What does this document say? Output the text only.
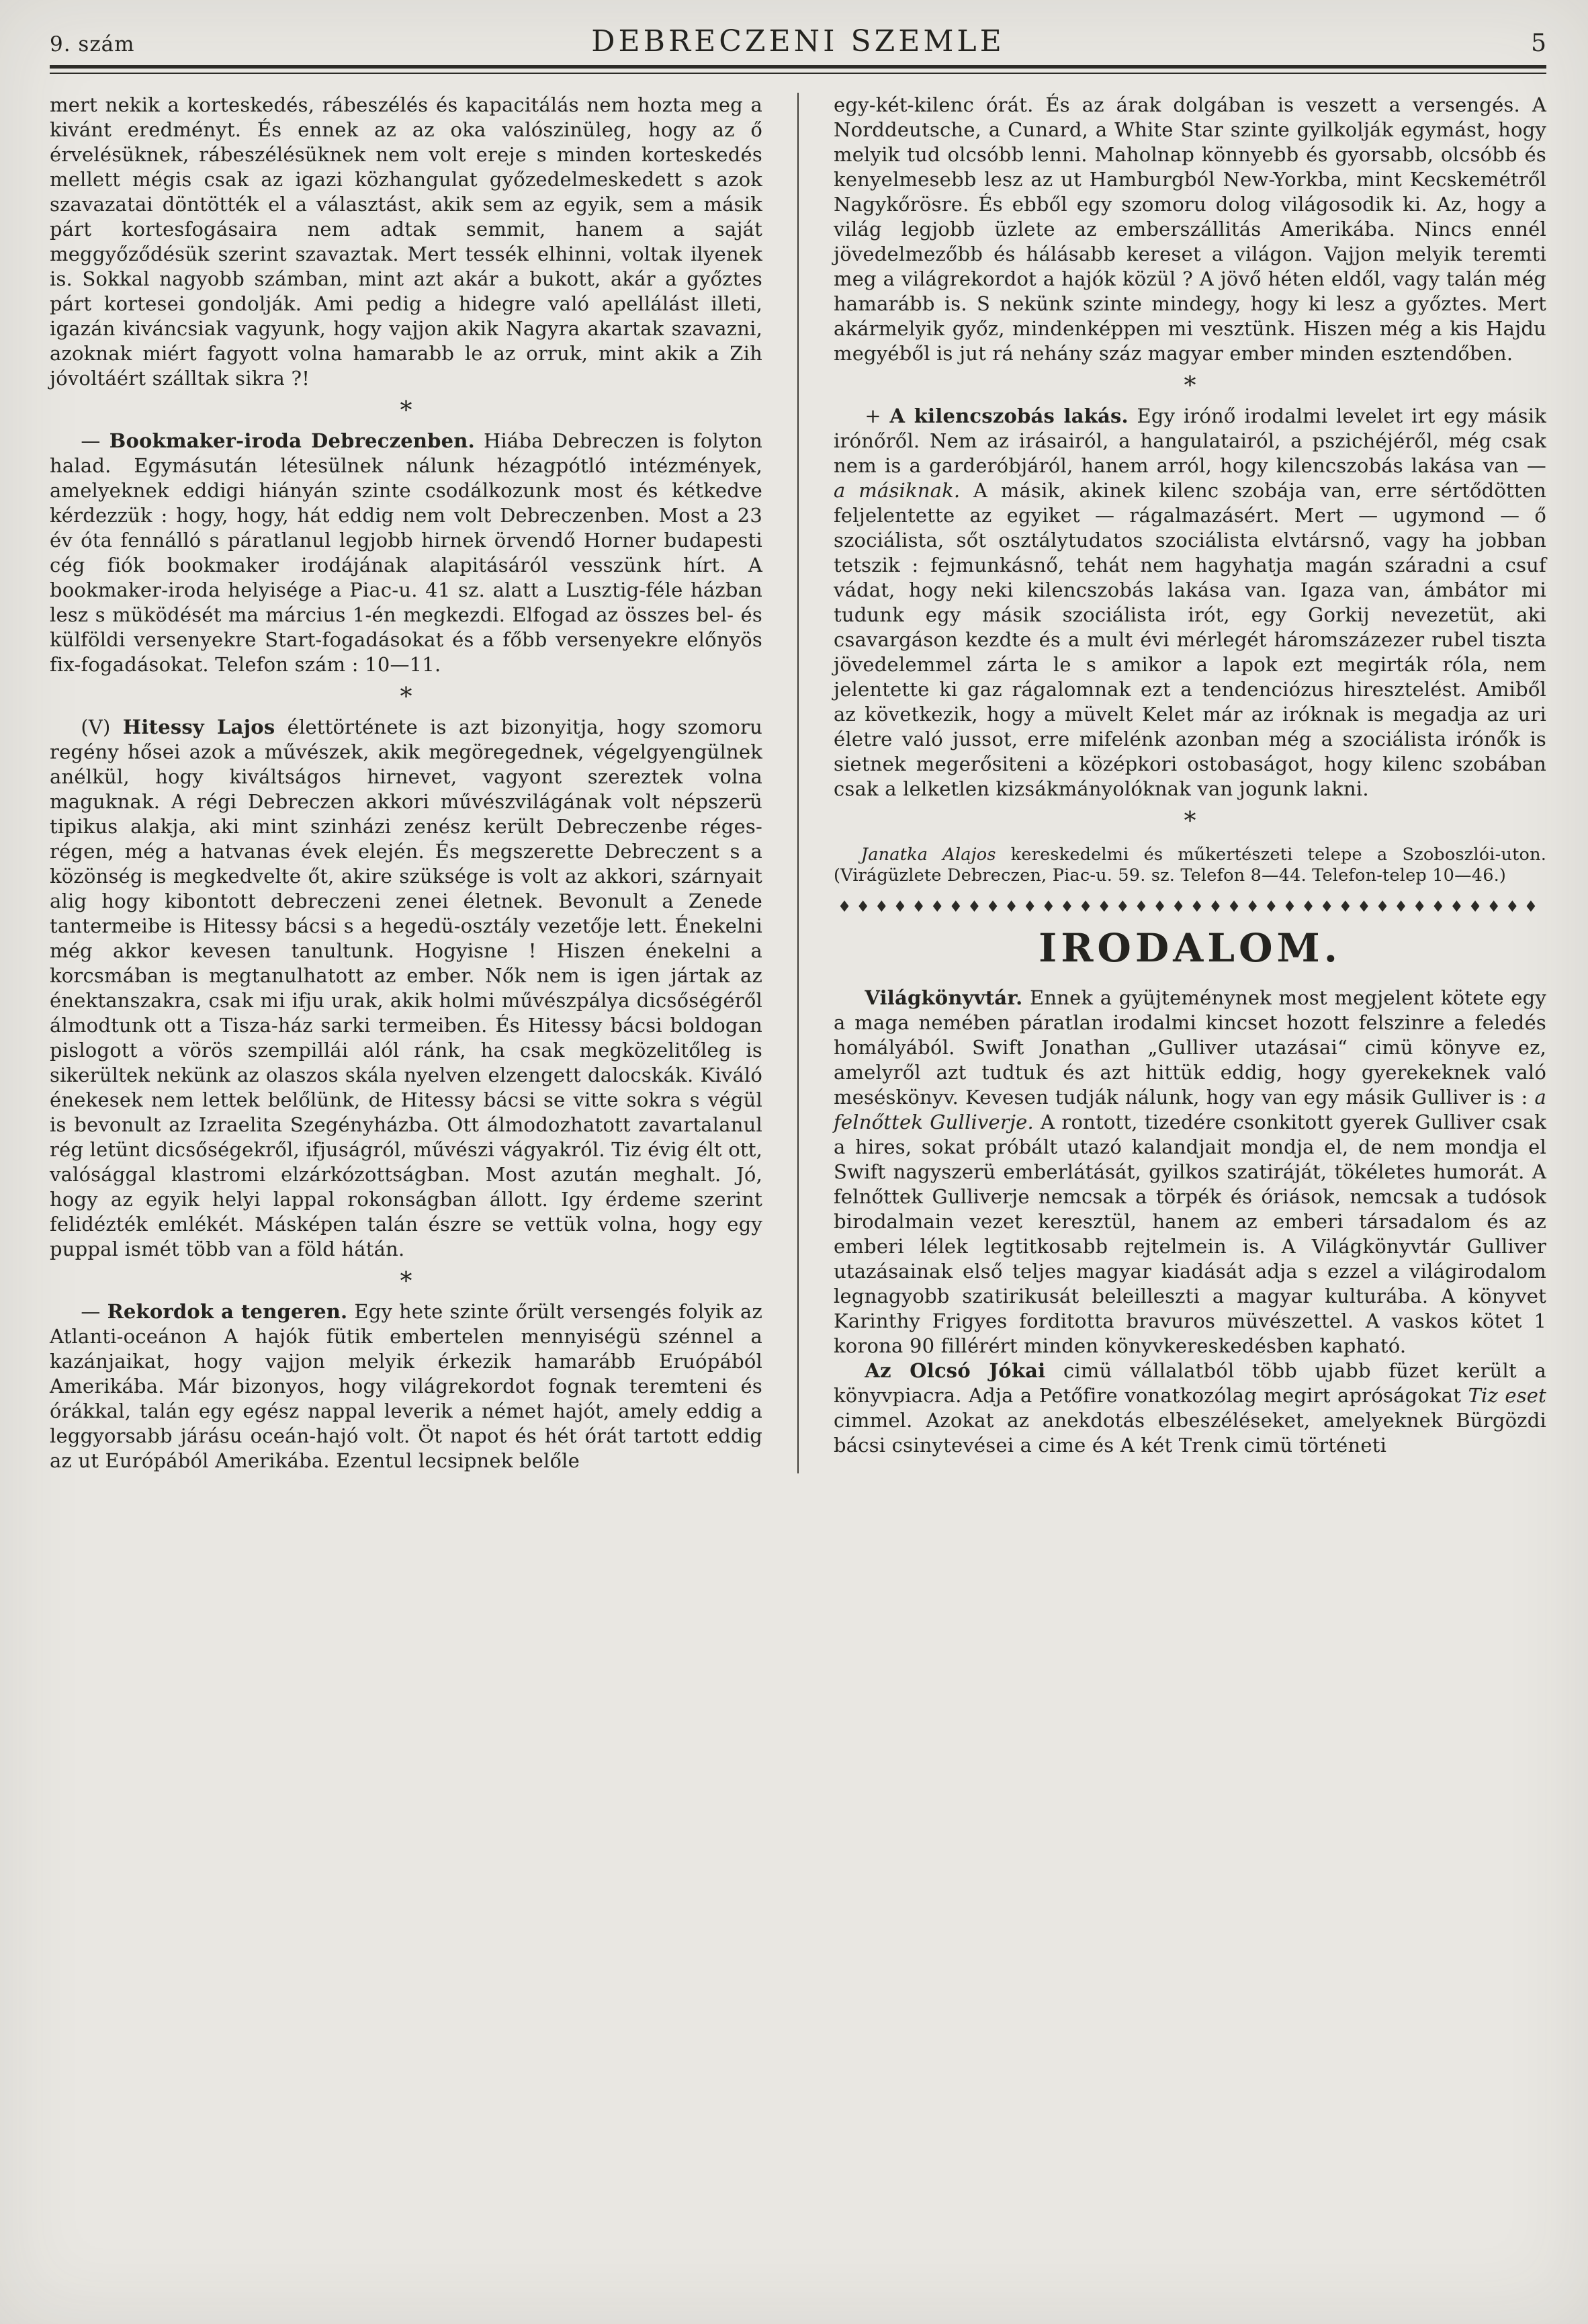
9. szám	DEBRECZENI SZEMLE	5

mert nekik a korteskedés, rábeszélés és kapacitálás nem hozta meg a kivánt eredményt. És ennek az az oka valószinüleg, hogy az ő érvelésüknek, rábeszélésüknek nem volt ereje s minden korteskedés mellett mégis csak az igazi közhangulat győzedelmeskedett s azok szavazatai döntötték el a választást, akik sem az egyik, sem a másik párt kortesfogásaira nem adtak semmit, hanem a saját meggyőződésük szerint szavaztak. Mert tessék elhinni, voltak ilyenek is. Sokkal nagyobb számban, mint azt akár a bukott, akár a győztes párt kortesei gondolják. Ami pedig a hidegre való apellálást illeti, igazán kiváncsiak vagyunk, hogy vajjon akik Nagyra akartak szavazni, azoknak miért fagyott volna hamarabb le az orruk, mint akik a Zih jóvoltáért szálltak sikra ?!

*

— Bookmaker-iroda Debreczenben. Hiába Debreczen is folyton halad. Egymásután létesülnek nálunk hézagpótló intézmények, amelyeknek eddigi hiányán szinte csodálkozunk most és kétkedve kérdezzük : hogy, hogy, hát eddig nem volt Debreczenben. Most a 23 év óta fennálló s páratlanul legjobb hirnek örvendő Horner budapesti cég fiók bookmaker irodájának alapitásáról vesszünk hírt. A bookmaker-iroda helyisége a Piac-u. 41 sz. alatt a Lusztig-féle házban lesz s müködését ma március 1-én megkezdi. Elfogad az összes bel- és külföldi versenyekre Start-fogadásokat és a főbb versenyekre előnyös fix-fogadásokat. Telefon szám : 10—11.

*

(V) Hitessy Lajos élettörténete is azt bizonyitja, hogy szomoru regény hősei azok a művészek, akik megöregednek, végelgyengülnek anélkül, hogy kiváltságos hirnevet, vagyont szereztek volna maguknak. A régi Debreczen akkori művészvilágának volt népszerü tipikus alakja, aki mint szinházi zenész került Debreczenbe réges-régen, még a hatvanas évek elején. És megszerette Debreczent s a közönség is megkedvelte őt, akire szüksége is volt az akkori, szárnyait alig hogy kibontott debreczeni zenei életnek. Bevonult a Zenede tantermeibe is Hitessy bácsi s a hegedü-osztály vezetője lett. Énekelni még akkor kevesen tanultunk. Hogyisne ! Hiszen énekelni a korcsmában is megtanulhatott az ember. Nők nem is igen jártak az énektanszakra, csak mi ifju urak, akik holmi művészpálya dicsőségéről álmodtunk ott a Tisza-ház sarki termeiben. És Hitessy bácsi boldogan pislogott a vörös szempillái alól ránk, ha csak megközelitőleg is sikerültek nekünk az olaszos skála nyelven elzengett dalocskák. Kiváló énekesek nem lettek belőlünk, de Hitessy bácsi se vitte sokra s végül is bevonult az Izraelita Szegényházba. Ott álmodozhatott zavartalanul rég letünt dicsőségekről, ifjuságról, művészi vágyakról. Tiz évig élt ott, valósággal klastromi elzárkózottságban. Most azután meghalt. Jó, hogy az egyik helyi lappal rokonságban állott. Igy érdeme szerint felidézték emlékét. Másképen talán észre se vettük volna, hogy egy puppal ismét több van a föld hátán.

*

— Rekordok a tengeren. Egy hete szinte őrült versengés folyik az Atlanti-oceánon A hajók fütik embertelen mennyiségü szénnel a kazánjaikat, hogy vajjon melyik érkezik hamarább Eruópából Amerikába. Már bizonyos, hogy világrekordot fognak teremteni és órákkal, talán egy egész nappal leverik a német hajót, amely eddig a leggyorsabb járásu oceán-hajó volt. Öt napot és hét órát tartott eddig az ut Európából Amerikába. Ezentul lecsipnek belőle

egy-két-kilenc órát. És az árak dolgában is veszett a versengés. A Norddeutsche, a Cunard, a White Star szinte gyilkolják egymást, hogy melyik tud olcsóbb lenni. Maholnap könnyebb és gyorsabb, olcsóbb és kenyelmesebb lesz az ut Hamburgból New-Yorkba, mint Kecskemétről Nagykőrösre. És ebből egy szomoru dolog világosodik ki. Az, hogy a világ legjobb üzlete az emberszállitás Amerikába. Nincs ennél jövedelmezőbb és hálásabb kereset a világon. Vajjon melyik teremti meg a világrekordot a hajók közül ? A jövő héten eldől, vagy talán még hamarább is. S nekünk szinte mindegy, hogy ki lesz a győztes. Mert akármelyik győz, mindenképpen mi vesztünk. Hiszen még a kis Hajdu megyéből is jut rá nehány száz magyar ember minden esztendőben.

*

+ A kilencszobás lakás. Egy irónő irodalmi levelet irt egy másik irónőről. Nem az irásairól, a hangulatairól, a pszichéjéről, még csak nem is a garderóbjáról, hanem arról, hogy kilencszobás lakása van — a másiknak. A másik, akinek kilenc szobája van, erre sértődötten feljelentette az egyiket — rágalmazásért. Mert — ugymond — ő szociálista, sőt osztálytudatos szociálista elvtársnő, vagy ha jobban tetszik : fejmunkásnő, tehát nem hagyhatja magán száradni a csuf vádat, hogy neki kilencszobás lakása van. Igaza van, ámbátor mi tudunk egy másik szociálista irót, egy Gorkij nevezetüt, aki csavargáson kezdte és a mult évi mérlegét háromszázezer rubel tiszta jövedelemmel zárta le s amikor a lapok ezt megirták róla, nem jelentette ki gaz rágalomnak ezt a tendenciózus hiresztelést. Amiből az következik, hogy a müvelt Kelet már az iróknak is megadja az uri életre való jussot, erre mifelénk azonban még a szociálista irónők is sietnek megerősiteni a középkori ostobaságot, hogy kilenc szobában csak a lelketlen kizsákmányolóknak van jogunk lakni.

*

Janatka Alajos kereskedelmi és műkertészeti telepe a Szoboszlói-uton. (Virágüzlete Debreczen, Piac-u. 59. sz. Telefon 8—44. Telefon-telep 10—46.)

♦♦♦♦♦♦♦♦♦♦♦♦♦♦♦♦♦♦♦♦♦♦♦♦♦♦♦♦♦♦♦♦♦♦♦♦♦♦
IRODALOM.

Világkönyvtár. Ennek a gyüjteménynek most megjelent kötete egy a maga nemében páratlan irodalmi kincset hozott felszinre a feledés homályából. Swift Jonathan „Gulliver utazásai“ cimü könyve ez, amelyről azt tudtuk és azt hittük eddig, hogy gyerekeknek való meséskönyv. Kevesen tudják nálunk, hogy van egy másik Gulliver is : a felnőttek Gulliverje. A rontott, tizedére csonkitott gyerek Gulliver csak a hires, sokat próbált utazó kalandjait mondja el, de nem mondja el Swift nagyszerü emberlátását, gyilkos szatiráját, tökéletes humorát. A felnőttek Gulliverje nemcsak a törpék és óriások, nemcsak a tudósok birodalmain vezet keresztül, hanem az emberi társadalom és az emberi lélek legtitkosabb rejtelmein is. A Világkönyvtár Gulliver utazásainak első teljes magyar kiadását adja s ezzel a világirodalom legnagyobb szatirikusát beleilleszti a magyar kulturába. A könyvet Karinthy Frigyes forditotta bravuros müvészettel. A vaskos kötet 1 korona 90 fillérért minden könyvkereskedésben kapható.

Az Olcsó Jókai cimü vállalatból több ujabb füzet került a könyvpiacra. Adja a Petőfire vonatkozólag megirt apróságokat Tiz eset cimmel. Azokat az anekdotás elbeszéléseket, amelyeknek Bürgözdi bácsi csinytevései a cime és A két Trenk cimü történeti
